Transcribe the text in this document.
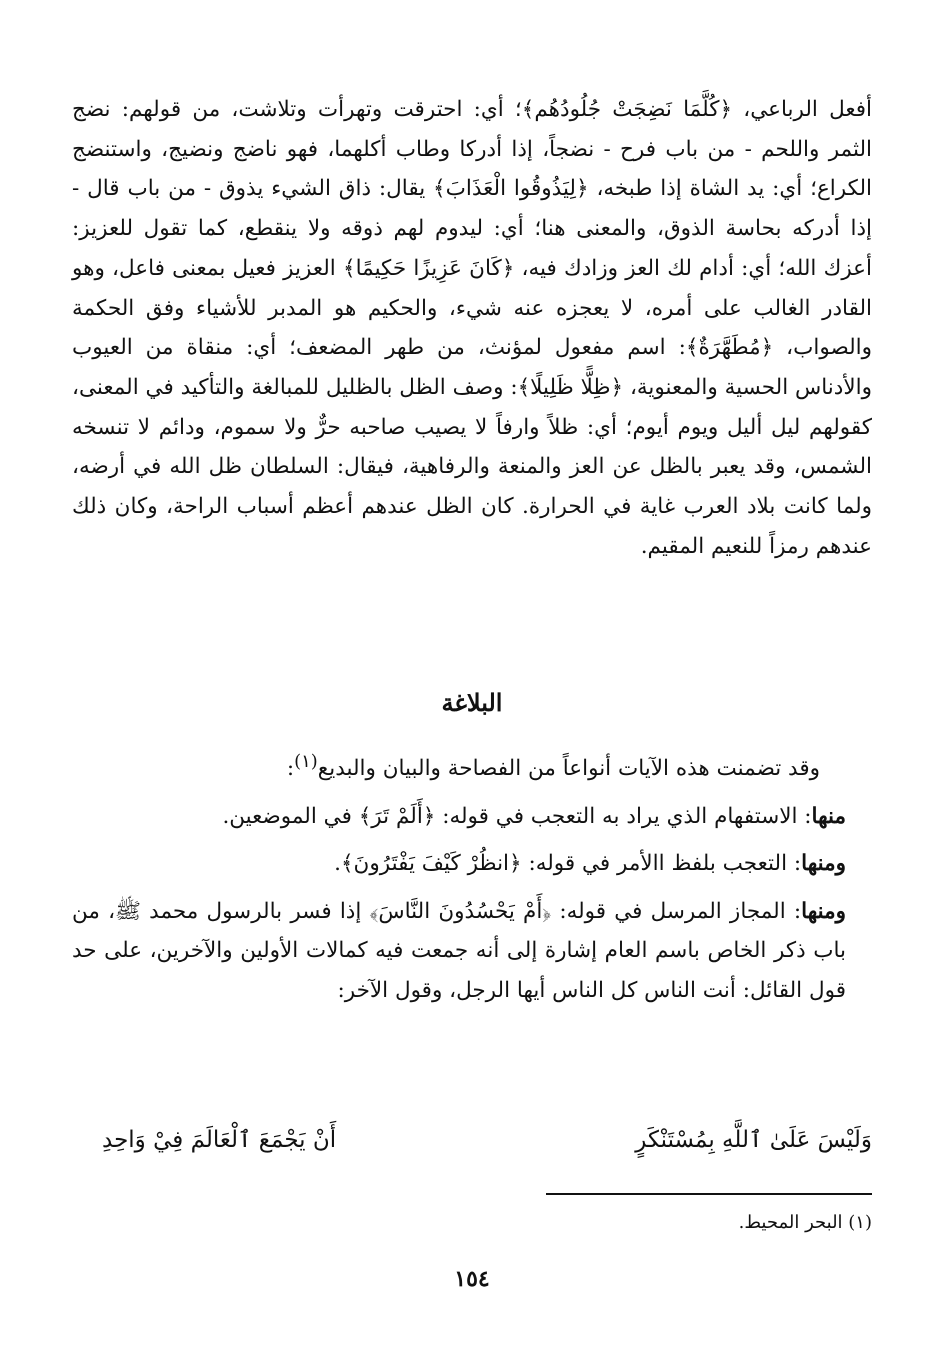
أفعل الرباعي، ﴿كُلَّمَا نَضِجَتْ جُلُودُهُم﴾؛ أي: احترقت وتهرأت وتلاشت، من قولهم: نضج الثمر واللحم - من باب فرح - نضجاً، إذا أدركا وطاب أكلهما، فهو ناضج ونضيج، واستنضج الكراع؛ أي: يد الشاة إذا طبخه، ﴿لِيَذُوقُوا الْعَذَابَ﴾ يقال: ذاق الشيء يذوق - من باب قال - إذا أدركه بحاسة الذوق، والمعنى هنا؛ أي: ليدوم لهم ذوقه ولا ينقطع، كما تقول للعزيز: أعزك الله؛ أي: أدام لك العز وزادك فيه، ﴿كَانَ عَزِيزًا حَكِيمًا﴾ العزيز فعيل بمعنى فاعل، وهو القادر الغالب على أمره، لا يعجزه عنه شيء، والحكيم هو المدبر للأشياء وفق الحكمة والصواب، ﴿مُطَهَّرَةٌ﴾: اسم مفعول لمؤنث، من طهر المضعف؛ أي: منقاة من العيوب والأدناس الحسية والمعنوية، ﴿ظِلًّا ظَلِيلًا﴾: وصف الظل بالظليل للمبالغة والتأكيد في المعنى، كقولهم ليل أليل ويوم أيوم؛ أي: ظلاً وارفاً لا يصيب صاحبه حرٌّ ولا سموم، ودائم لا تنسخه الشمس، وقد يعبر بالظل عن العز والمنعة والرفاهية، فيقال: السلطان ظل الله في أرضه، ولما كانت بلاد العرب غاية في الحرارة. كان الظل عندهم أعظم أسباب الراحة، وكان ذلك عندهم رمزاً للنعيم المقيم.

البلاغة

وقد تضمنت هذه الآيات أنواعاً من الفصاحة والبيان والبديع$^{(١)}$:

منها: الاستفهام الذي يراد به التعجب في قوله: ﴿أَلَمْ تَرَ﴾ في الموضعين.

ومنها: التعجب بلفظ االأمر في قوله: ﴿انظُرْ كَيْفَ يَفْتَرُونَ﴾.

ومنها: المجاز المرسل في قوله: ﴿أَمْ يَحْسُدُونَ النَّاسَ﴾ إذا فسر بالرسول محمد ﷺ، من باب ذكر الخاص باسم العام إشارة إلى أنه جمعت فيه كمالات الأولين والآخرين، على حد قول القائل: أنت الناس كل الناس أيها الرجل، وقول الآخر:

وَلَيْسَ عَلَىٰ ٱللَّهِ بِمُسْتَنْكَرٍ
أَنْ يَجْمَعَ ٱلْعَالَمَ فِيْ وَاحِدِ
(١) البحر المحيط.
١٥٤
